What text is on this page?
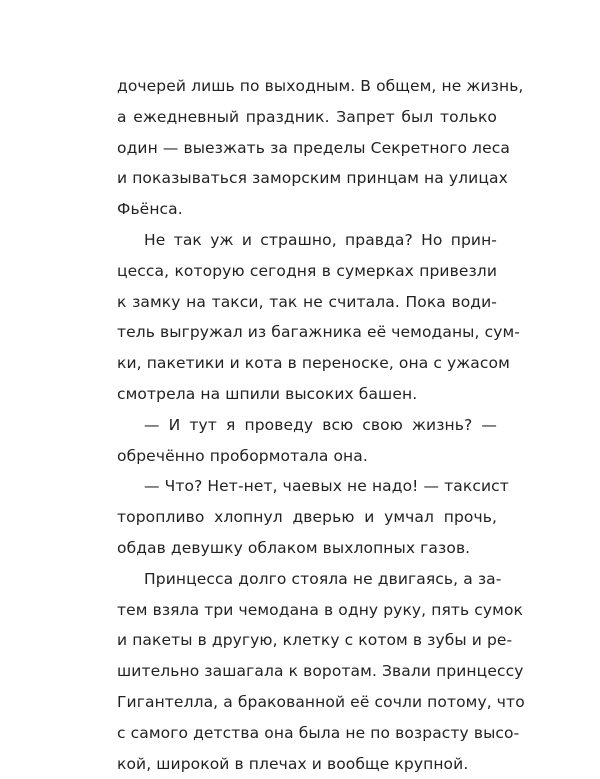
дочерей лишь по выходным. В общем, не жизнь,
а ежедневный праздник. Запрет был только
один — выезжать за пределы Секретного леса
и показываться заморским принцам на улицах
Фьёнса.
Не так уж и страшно, правда? Но прин-
цесса, которую сегодня в сумерках привезли
к замку на такси, так не считала. Пока води-
тель выгружал из багажника её чемоданы, сум-
ки, пакетики и кота в переноске, она с ужасом
смотрела на шпили высоких башен.
— И тут я проведу всю свою жизнь? —
обречённо пробормотала она.
— Что? Нет-нет, чаевых не надо! — таксист
торопливо хлопнул дверью и умчал прочь,
обдав девушку облаком выхлопных газов.
Принцесса долго стояла не двигаясь, а за-
тем взяла три чемодана в одну руку, пять сумок
и пакеты в другую, клетку с котом в зубы и ре-
шительно зашагала к воротам. Звали принцессу
Гигантелла, а бракованной её сочли потому, что
с самого детства она была не по возрасту высо-
кой, широкой в плечах и вообще крупной.
